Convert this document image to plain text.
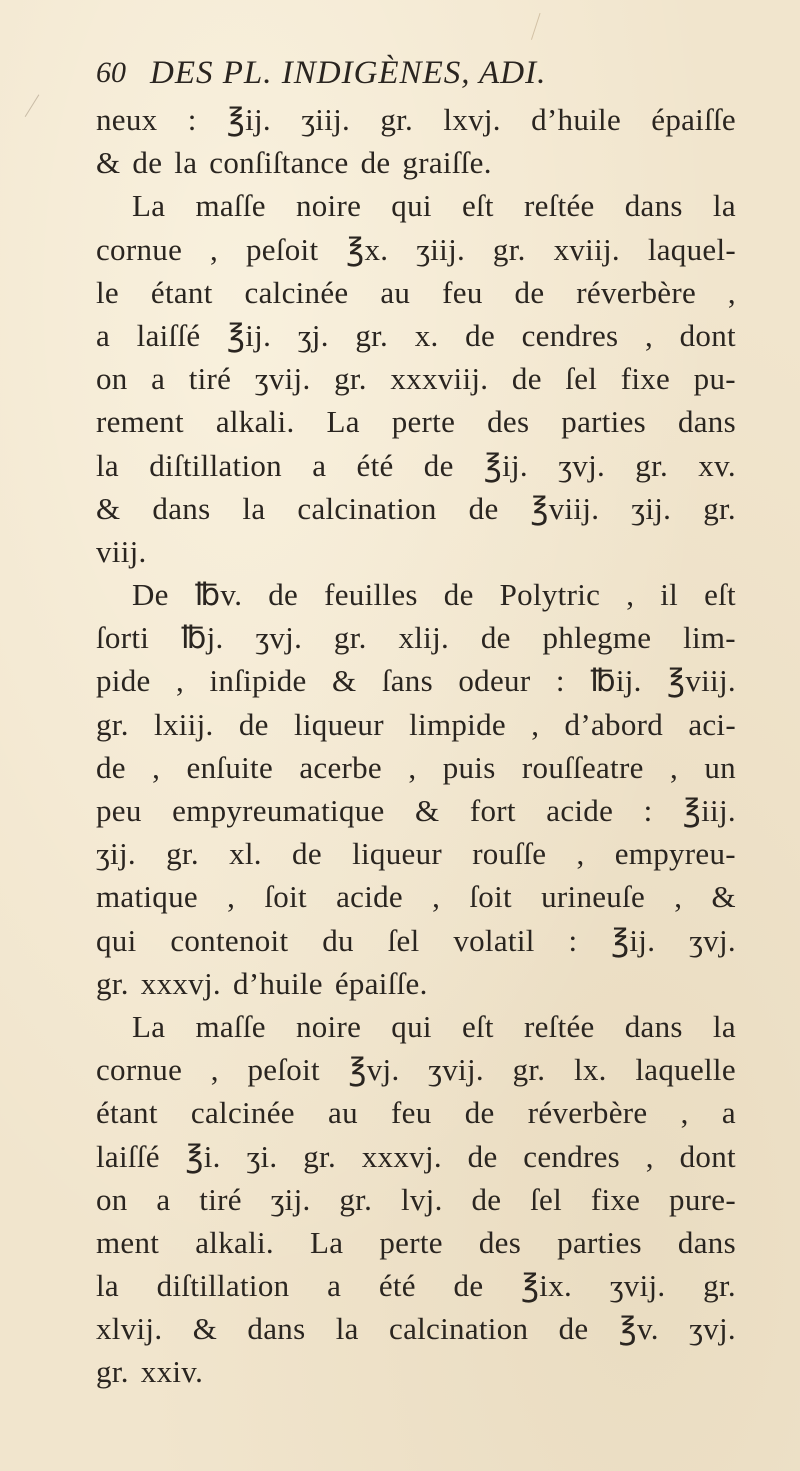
60 DES PL. INDIGÈNES, ADI.
neux : ℥ij. ʒiij. gr. lxvj. d’huile épaiſſe
& de la conſiſtance de graiſſe.
La maſſe noire qui eſt reſtée dans la
cornue , peſoit ℥x. ʒiij. gr. xviij. laquel-
le étant calcinée au feu de réverbère ,
a laiſſé ℥ij. ʒj. gr. x. de cendres , dont
on a tiré ʒvij. gr. xxxviij. de ſel fixe pu-
rement alkali. La perte des parties dans
la diſtillation a été de ℥ij. ʒvj. gr. xv.
& dans la calcination de ℥viij. ʒij. gr.
viij.
De ℔v. de feuilles de Polytric , il eſt
ſorti ℔j. ʒvj. gr. xlij. de phlegme lim-
pide , inſipide & ſans odeur : ℔ij. ℥viij.
gr. lxiij. de liqueur limpide , d’abord aci-
de , enſuite acerbe , puis rouſſeatre , un
peu empyreumatique & fort acide : ℥iij.
ʒij. gr. xl. de liqueur rouſſe , empyreu-
matique , ſoit acide , ſoit urineuſe , &
qui contenoit du ſel volatil : ℥ij. ʒvj.
gr. xxxvj. d’huile épaiſſe.
La maſſe noire qui eſt reſtée dans la
cornue , peſoit ℥vj. ʒvij. gr. lx. laquelle
étant calcinée au feu de réverbère , a
laiſſé ℥i. ʒi. gr. xxxvj. de cendres , dont
on a tiré ʒij. gr. lvj. de ſel fixe pure-
ment alkali. La perte des parties dans
la diſtillation a été de ℥ix. ʒvij. gr.
xlvij. & dans la calcination de ℥v. ʒvj.
gr. xxiv.
